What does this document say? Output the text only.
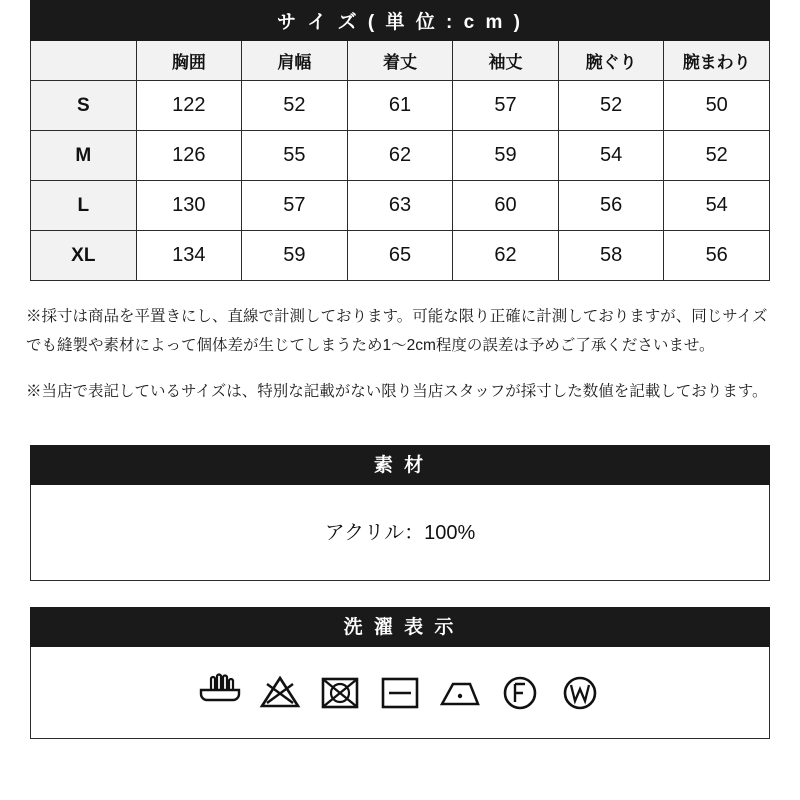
サ イ ズ ( 単 位 : c m )						
	胸囲	肩幅	着丈	袖丈	腕ぐり	腕まわり
S	122	52	61	57	52	50
M	126	55	62	59	54	52
L	130	57	63	60	56	54
XL	134	59	65	62	58	56

※採寸は商品を平置きにし、直線で計測しております。可能な限り正確に計測しておりますが、同じサイズでも縫製や素材によって個体差が生じてしまうため1〜2cm程度の誤差は予めご了承くださいませ。

※当店で表記しているサイズは、特別な記載がない限り当店スタッフが採寸した数値を記載しております。

素 材
アクリル：100%
洗 濯 表 示
